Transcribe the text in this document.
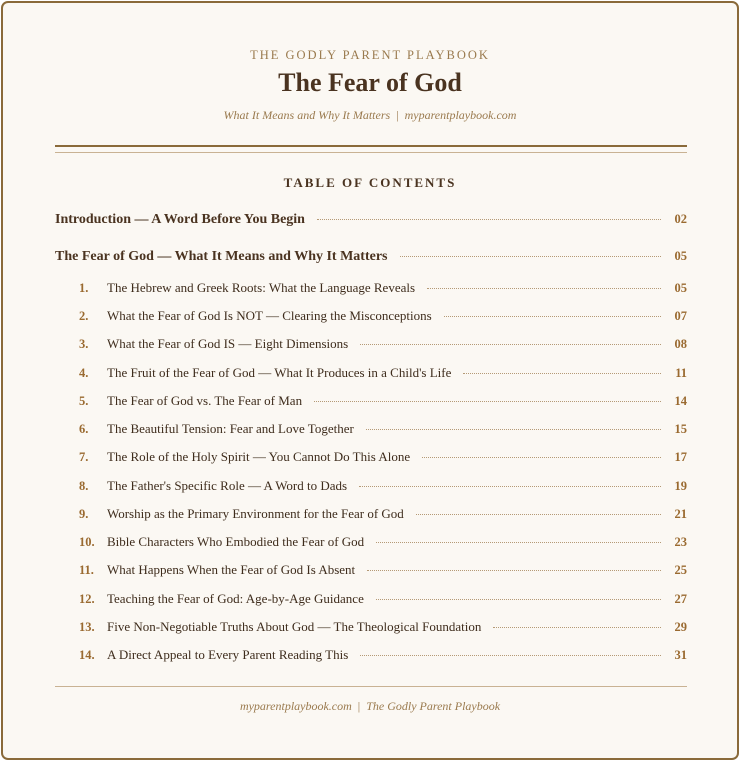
THE GODLY PARENT PLAYBOOK
The Fear of God
What It Means and Why It Matters | myparentplaybook.com
TABLE OF CONTENTS
Introduction — A Word Before You Begin	02
The Fear of God — What It Means and Why It Matters	05
1.	The Hebrew and Greek Roots: What the Language Reveals	05
2.	What the Fear of God Is NOT — Clearing the Misconceptions	07
3.	What the Fear of God IS — Eight Dimensions	08
4.	The Fruit of the Fear of God — What It Produces in a Child's Life	11
5.	The Fear of God vs. The Fear of Man	14
6.	The Beautiful Tension: Fear and Love Together	15
7.	The Role of the Holy Spirit — You Cannot Do This Alone	17
8.	The Father's Specific Role — A Word to Dads	19
9.	Worship as the Primary Environment for the Fear of God	21
10. Bible Characters Who Embodied the Fear of God	23
11.	What Happens When the Fear of God Is Absent	25
12. Teaching the Fear of God: Age-by-Age Guidance	27
13. Five Non-Negotiable Truths About God — The Theological Foundation	29
14. A Direct Appeal to Every Parent Reading This	31
myparentplaybook.com | The Godly Parent Playbook
